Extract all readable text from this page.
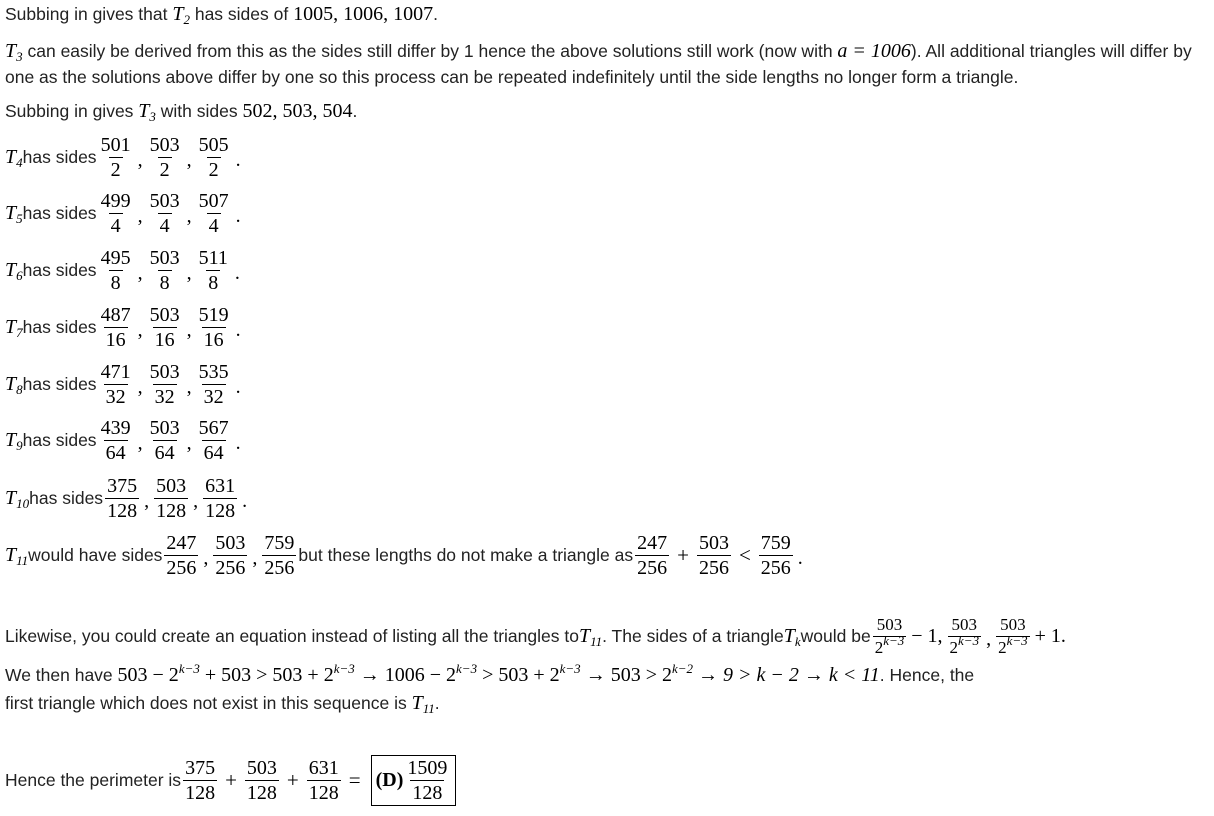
Subbing in gives that $T_2$ has sides of 1005, 1006, 1007.
$T_3$ can easily be derived from this as the sides still differ by 1 hence the above solutions still work (now with a = 1006). All additional triangles will differ by one as the solutions above differ by one so this process can be repeated indefinitely until the side lengths no longer form a triangle.
Subbing in gives $T_3$ with sides 502, 503, 504.
$T_4$ has sides $\frac{501}{2}$ , $\frac{503}{2}$ , $\frac{505}{2}$ .
$T_5$ has sides $\frac{499}{4}$ , $\frac{503}{4}$ , $\frac{507}{4}$ .
$T_6$ has sides $\frac{495}{8}$ , $\frac{503}{8}$ , $\frac{511}{8}$ .
$T_7$ has sides $\frac{487}{16}$ , $\frac{503}{16}$ , $\frac{519}{16}$ .
$T_8$ has sides $\frac{471}{32}$ , $\frac{503}{32}$ , $\frac{535}{32}$ .
$T_9$ has sides $\frac{439}{64}$ , $\frac{503}{64}$ , $\frac{567}{64}$ .
$T_{10}$ has sides $\frac{375}{128}$ , $\frac{503}{128}$ , $\frac{631}{128}$ .
$T_{11}$ would have sides $\frac{247}{256}$ , $\frac{503}{256}$ , $\frac{759}{256}$ but these lengths do not make a triangle as $\frac{247}{256} + \frac{503}{256} < \frac{759}{256}$ .
Likewise, you could create an equation instead of listing all the triangles to $T_{11}$ . The sides of a triangle $T_k$ would be $\frac{503}{2^{k-3}} - 1$, $\frac{503}{2^{k-3}}$ , $\frac{503}{2^{k-3}} + 1$.
We then have $503 - 2^{k-3} + 503 > 503 + 2^{k-3} \to 1006 - 2^{k-3} > 503 + 2^{k-3} \to 503 > 2^{k-2} \to 9 > k - 2 \to k < 11$. Hence, the
first triangle which does not exist in this sequence is $T_{11}$.
Hence the perimeter is $\frac{375}{128} + \frac{503}{128} + \frac{631}{128} = (D) \frac{1509}{128}$
